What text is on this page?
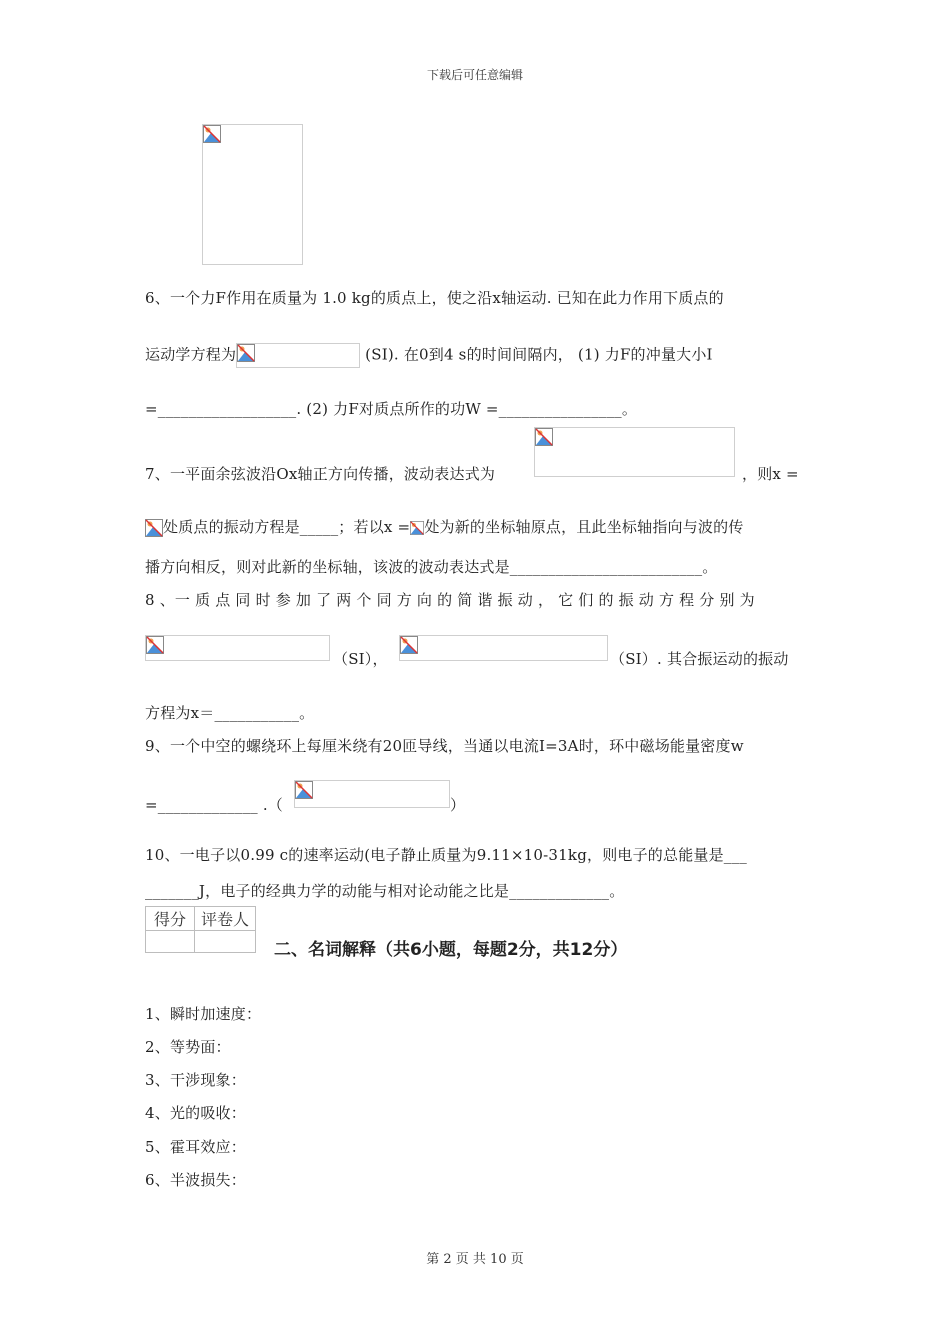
下载后可任意编辑
6、一个力F作用在质量为 1.0 kg的质点上，使之沿x轴运动. 已知在此力作用下质点的
运动学方程为	(SI). 在0到4 s的时间间隔内， (1) 力F的冲量大小I
=__________________. (2) 力F对质点所作的功W =________________。
7、一平面余弦波沿Ox轴正方向传播，波动表达式为	，则x =
处质点的振动方程是_____；若以x = 处为新的坐标轴原点，且此坐标轴指向与波的传
播方向相反，则对此新的坐标轴，该波的波动表达式是_________________________。
8 、一 质 点 同 时 参 加 了 两 个 同 方 向 的 简 谐 振 动 ， 它 们 的 振 动 方 程 分 别 为
（SI），	（SI）. 其合振运动的振动
方程为x＝___________。
9、一个中空的螺绕环上每厘米绕有20匝导线，当通以电流I=3A时，环中磁场能量密度w
=_____________ .（	）
10、一电子以0.99 c的速率运动(电子静止质量为9.11×10-31kg，则电子的总能量是___
_______J，电子的经典力学的动能与相对论动能之比是_____________。
得分	评卷人

二、名词解释（共6小题，每题2分，共12分）
1、瞬时加速度：
2、等势面：
3、干涉现象：
4、光的吸收：
5、霍耳效应：
6、半波损失：
第 2 页 共 10 页
